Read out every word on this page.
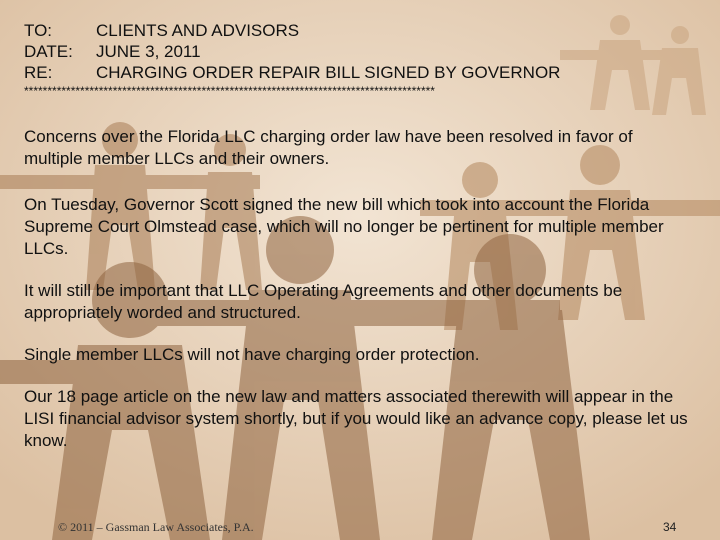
TO:	CLIENTS AND ADVISORS
DATE:	JUNE 3, 2011
RE:	CHARGING ORDER REPAIR BILL SIGNED BY GOVERNOR
****************************************************************************************
Concerns over the Florida LLC charging order law have been resolved in favor of multiple member LLCs and their owners.
On Tuesday, Governor Scott signed the new bill which took into account the Florida Supreme Court Olmstead case, which will no longer be pertinent for multiple member LLCs.
It will still be important that LLC Operating Agreements and other documents be appropriately worded and structured.
Single member LLCs will not have charging order protection.
Our 18 page article on the new law and matters associated therewith will appear in the LISI financial advisor system shortly, but if you would like an advance copy, please let us know.
© 2011 – Gassman Law Associates, P.A.	34
